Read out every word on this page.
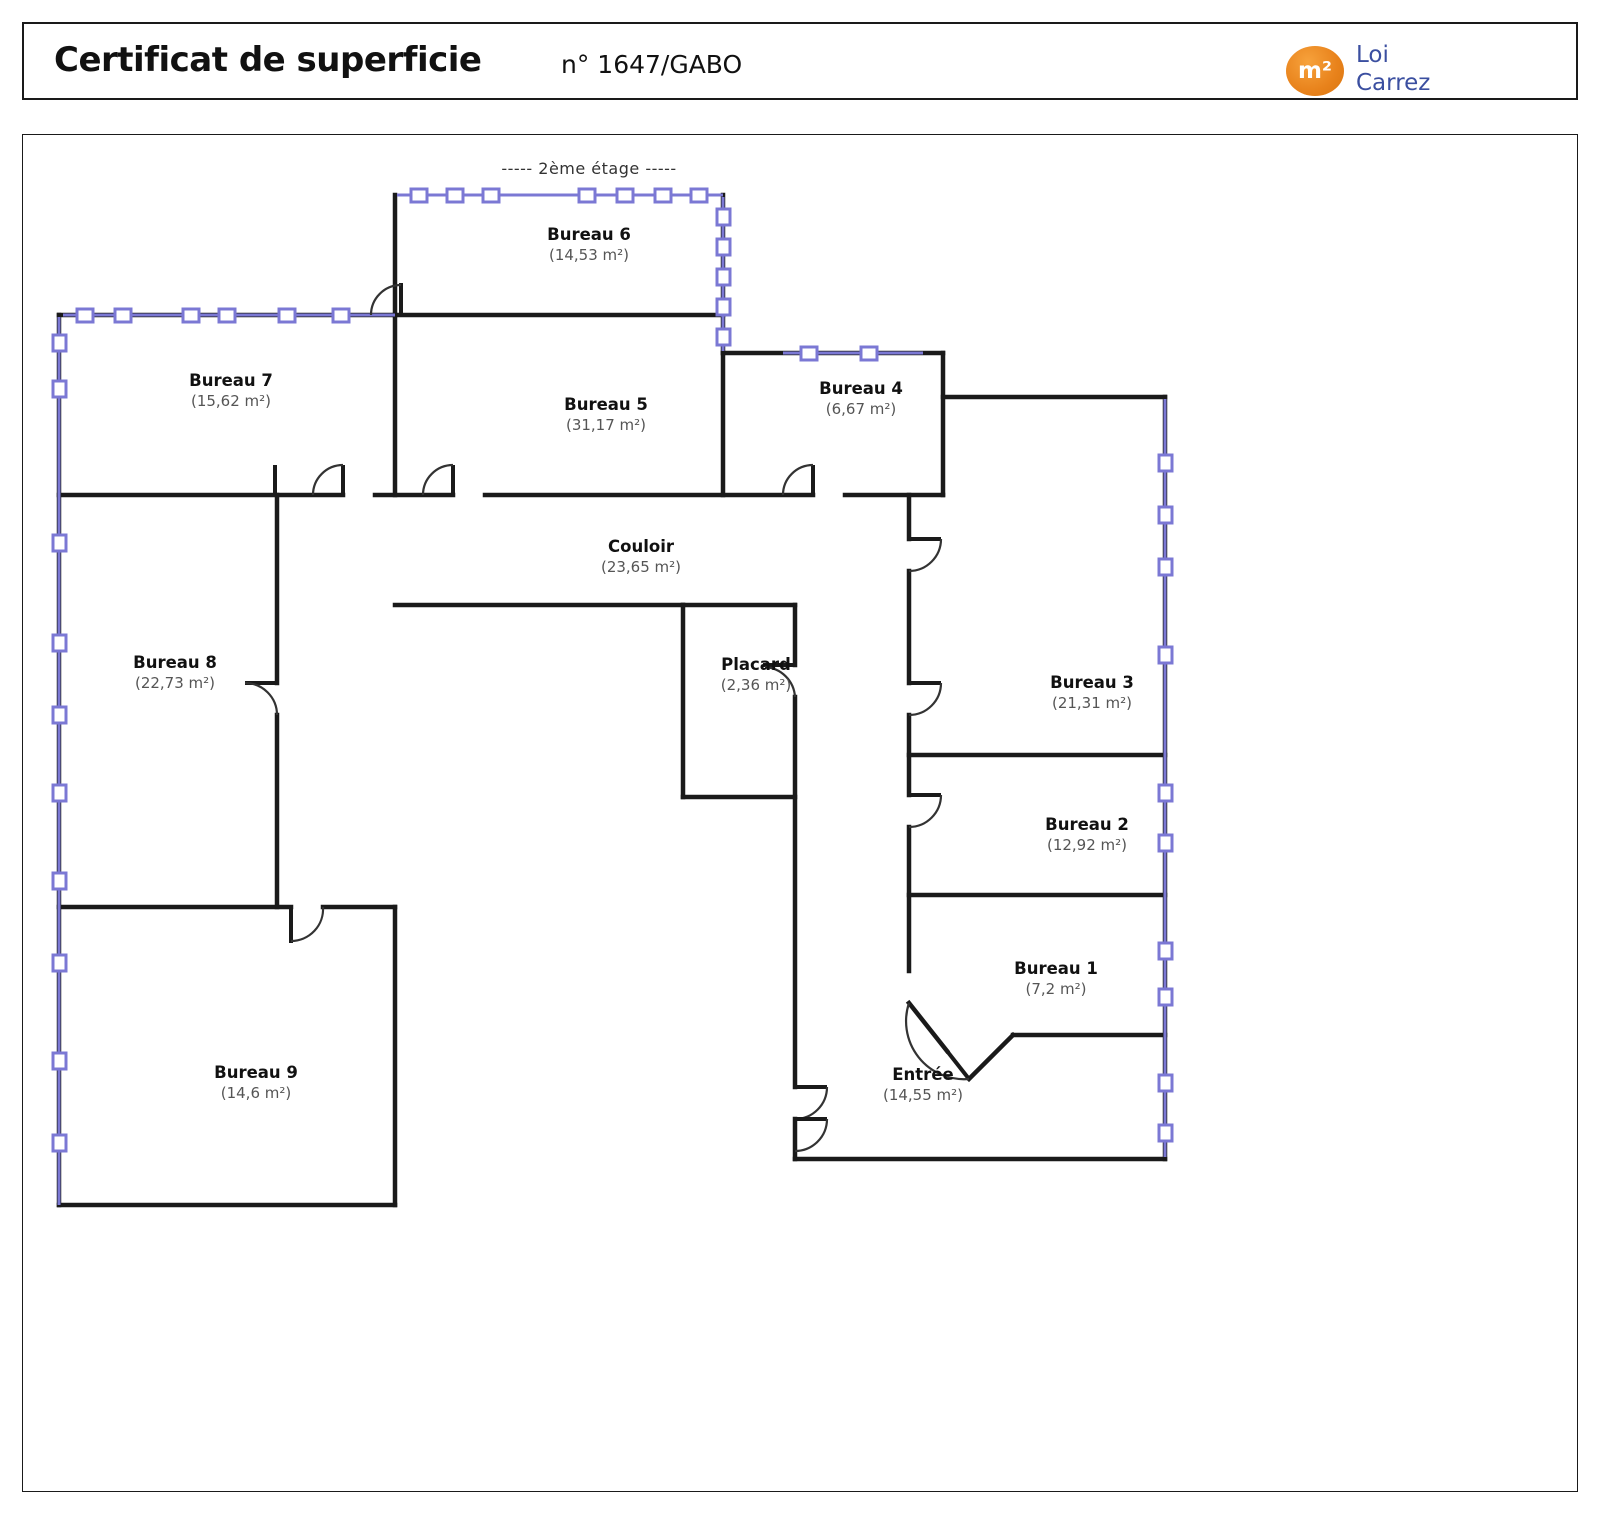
Certificat de superficie	n° 1647/GABO	m²
Loi
Carrez
----- 2ème étage -----
Bureau 6
(14,53 m²)
Bureau 7
(15,62 m²)	Bureau 5
(31,17 m²)
Bureau 4
(6,67 m²)
Couloir
(23,65 m²)
Bureau 8
(22,73 m²)
Placard
(2,36 m²)	Bureau 3
(21,31 m²)
Bureau 2
(12,92 m²)
Bureau 1
(7,2 m²)
Bureau 9
(14,6 m²)
Entrée
(14,55 m²)
